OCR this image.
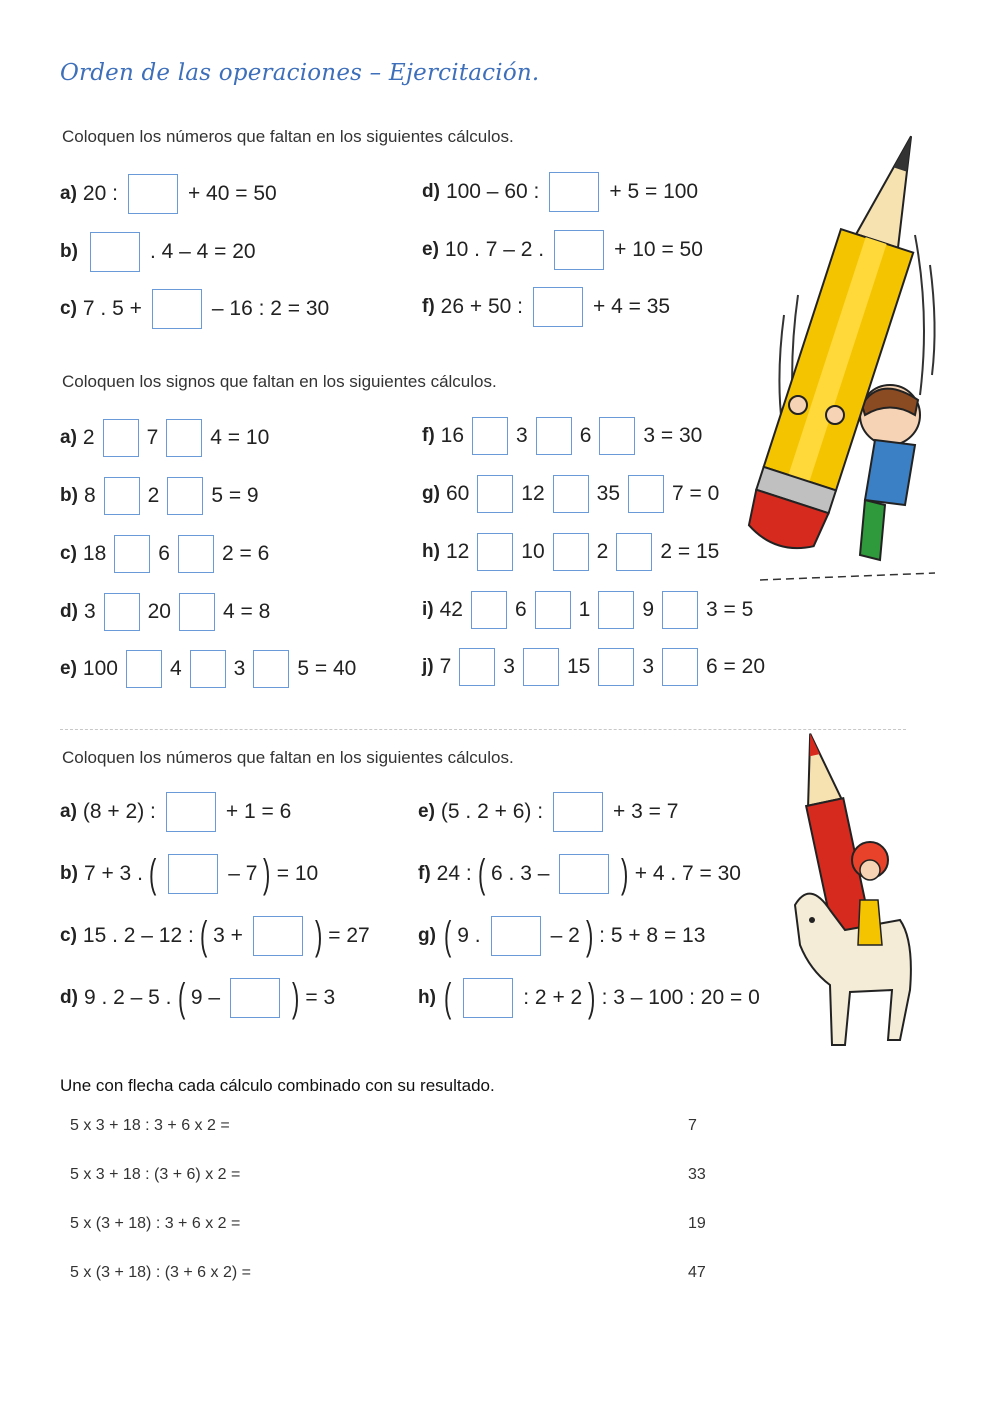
Orden de las operaciones – Ejercitación.
Coloquen los números que faltan en los siguientes cálculos.
a) 20 :	+ 40 = 50
b)	. 4 – 4 = 20
c) 7 . 5 +	– 16 : 2 = 30
d) 100 – 60 :	+ 5 = 100
e) 10 . 7 – 2 .	+ 10 = 50
f) 26 + 50 :	+ 4 = 35
Coloquen los signos que faltan en los siguientes cálculos.
a) 2 7 4 = 10
b) 8 2 5 = 9
c) 18 6 2 = 6
d) 3 20 4 = 8
e) 100 4 3 5 = 40
f) 16 3 6 3 = 30
g) 60 12 35 7 = 0
h) 12 10 2 2 = 15
i) 42 6 1 9 3 = 5
j) 7 3 15 3 6 = 20
Coloquen los números que faltan en los siguientes cálculos.
a) (8 + 2) :	+ 1 = 6
b) 7 + 3 . (	– 7 ) = 10
c) 15 . 2 – 12 : ( 3 + ) = 27
d) 9 . 2 – 5 . ( 9 – ) = 3
e) (5 . 2 + 6) :	+ 3 = 7
f) 24 : ( 6 . 3 – ) + 4 . 7 = 30
g) ( 9 .	– 2 ) : 5 + 8 = 13
h) (	: 2 + 2 ) : 3 – 100 : 20 = 0
Une con flecha cada cálculo combinado con su resultado.
5 x 3 + 18 : 3 + 6 x 2 =	7
5 x 3 + 18 : (3 + 6) x 2 =	33
5 x (3 + 18) : 3 + 6 x 2 =	19
5 x (3 + 18) : (3 + 6 x 2) =	47
